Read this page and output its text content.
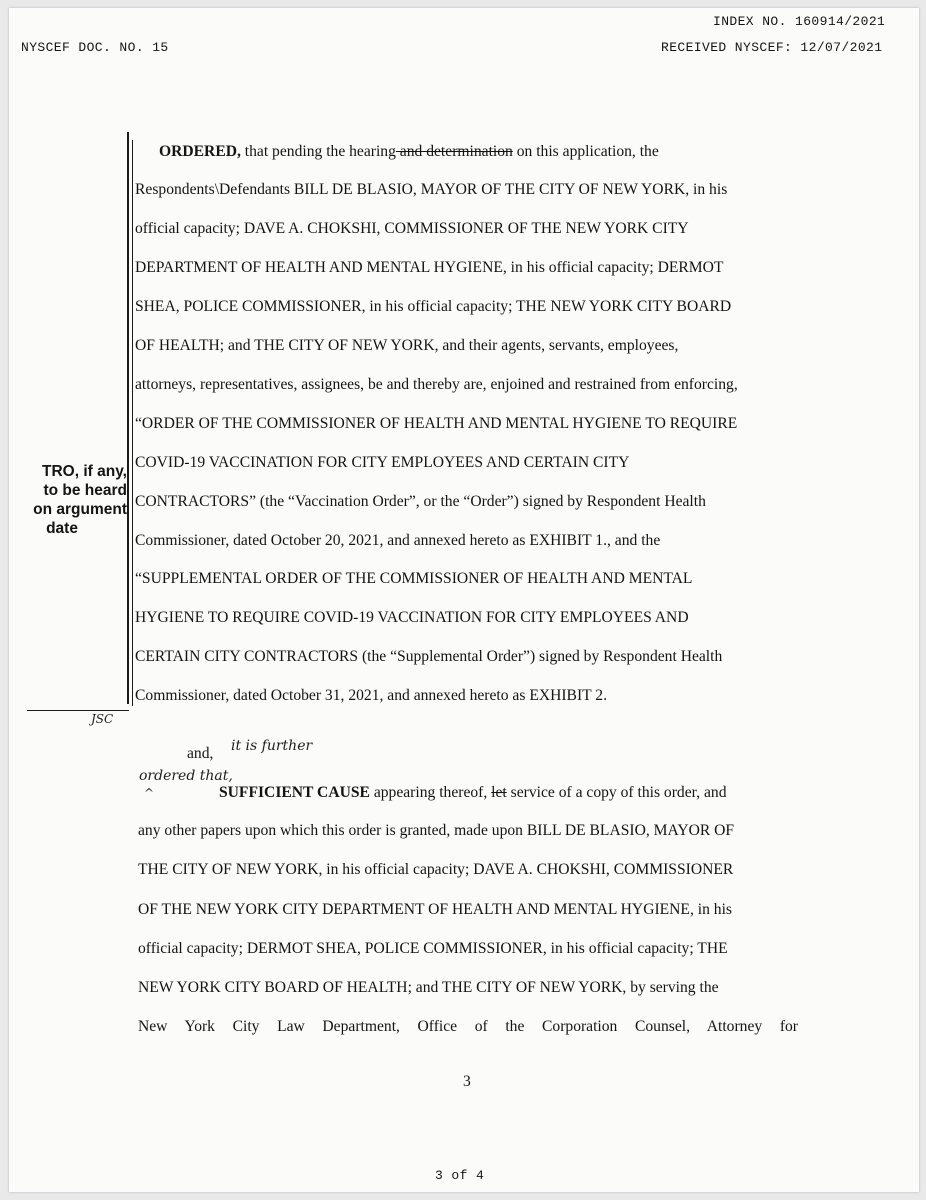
INDEX NO. 160914/2021
NYSCEF DOC. NO. 15	RECEIVED NYSCEF: 12/07/2021
TRO, if any,
to be heard
on argument
date
JSC
ORDERED, that pending the hearing and determination on this application, the
Respondents\Defendants BILL DE BLASIO, MAYOR OF THE CITY OF NEW YORK, in his
official capacity; DAVE A. CHOKSHI, COMMISSIONER OF THE NEW YORK CITY
DEPARTMENT OF HEALTH AND MENTAL HYGIENE, in his official capacity; DERMOT
SHEA, POLICE COMMISSIONER, in his official capacity; THE NEW YORK CITY BOARD
OF HEALTH; and THE CITY OF NEW YORK, and their agents, servants, employees,
attorneys, representatives, assignees, be and thereby are, enjoined and restrained from enforcing,
“ORDER OF THE COMMISSIONER OF HEALTH AND MENTAL HYGIENE TO REQUIRE
COVID-19 VACCINATION FOR CITY EMPLOYEES AND CERTAIN CITY
CONTRACTORS” (the “Vaccination Order”, or the “Order”) signed by Respondent Health
Commissioner, dated October 20, 2021, and annexed hereto as EXHIBIT 1., and the
“SUPPLEMENTAL ORDER OF THE COMMISSIONER OF HEALTH AND MENTAL
HYGIENE TO REQUIRE COVID-19 VACCINATION FOR CITY EMPLOYEES AND
CERTAIN CITY CONTRACTORS (the “Supplemental Order”) signed by Respondent Health
Commissioner, dated October 31, 2021, and annexed hereto as EXHIBIT 2.
and, it is further
ordered that,
^	SUFFICIENT CAUSE appearing thereof, let service of a copy of this order, and
any other papers upon which this order is granted, made upon BILL DE BLASIO, MAYOR OF
THE CITY OF NEW YORK, in his official capacity; DAVE A. CHOKSHI, COMMISSIONER
OF THE NEW YORK CITY DEPARTMENT OF HEALTH AND MENTAL HYGIENE, in his
official capacity; DERMOT SHEA, POLICE COMMISSIONER, in his official capacity; THE
NEW YORK CITY BOARD OF HEALTH; and THE CITY OF NEW YORK, by serving the
New York City Law Department, Office of the Corporation Counsel, Attorney for
3
3 of 4
